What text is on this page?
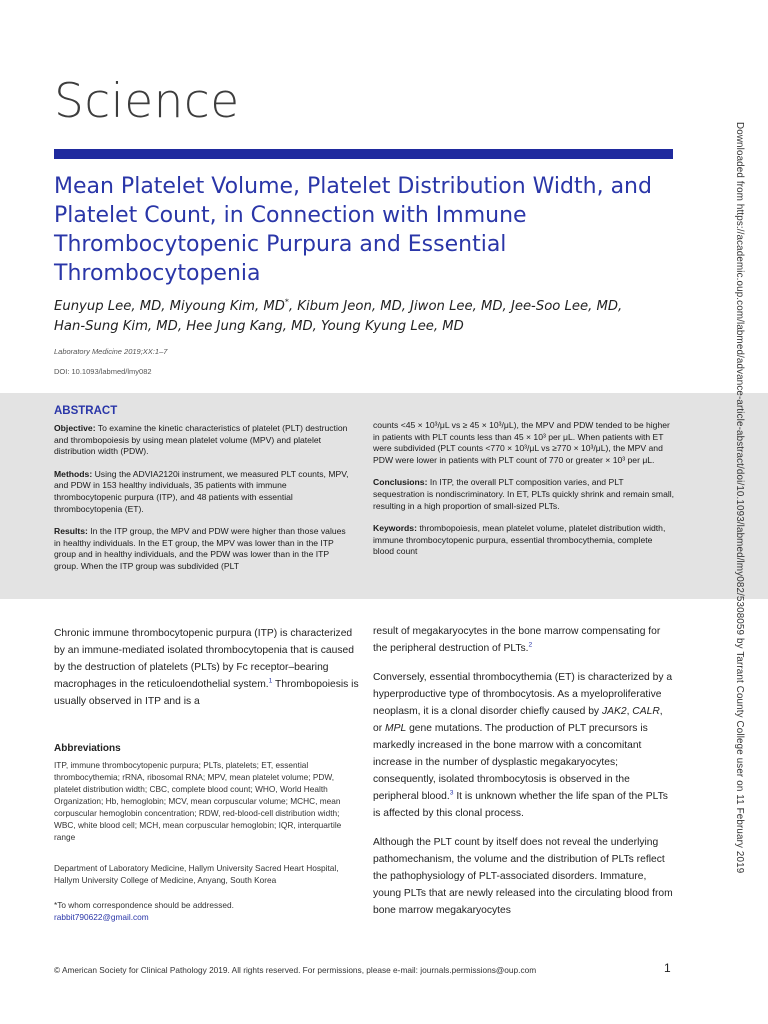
Science
Mean Platelet Volume, Platelet Distribution Width, and Platelet Count, in Connection with Immune Thrombocytopenic Purpura and Essential Thrombocytopenia
Eunyup Lee, MD, Miyoung Kim, MD*, Kibum Jeon, MD, Jiwon Lee, MD, Jee-Soo Lee, MD,
Han-Sung Kim, MD, Hee Jung Kang, MD, Young Kyung Lee, MD
Laboratory Medicine 2019;XX:1–7
DOI: 10.1093/labmed/lmy082
ABSTRACT

Objective: To examine the kinetic characteristics of platelet (PLT) destruction and thrombopoiesis by using mean platelet volume (MPV) and platelet distribution width (PDW).

Methods: Using the ADVIA2120i instrument, we measured PLT counts, MPV, and PDW in 153 healthy individuals, 35 patients with immune thrombocytopenic purpura (ITP), and 48 patients with essential thrombocytopenia (ET).

Results: In the ITP group, the MPV and PDW were higher than those values in healthy individuals. In the ET group, the MPV was lower than in the ITP group and in healthy individuals, and the PDW was lower than in the ITP group. When the ITP group was subdivided (PLT

counts <45 × 10³/μL vs ≥ 45 × 10³/μL), the MPV and PDW tended to be higher in patients with PLT counts less than 45 × 10³ per μL. When patients with ET were subdivided (PLT counts <770 × 10³/μL vs ≥770 × 10³/μL), the MPV and PDW were lower in patients with PLT count of 770 or greater × 10³ per μL.

Conclusions: In ITP, the overall PLT composition varies, and PLT sequestration is nondiscriminatory. In ET, PLTs quickly shrink and remain small, resulting in a high proportion of small-sized PLTs.

Keywords: thrombopoiesis, mean platelet volume, platelet distribution width, immune thrombocytopenic purpura, essential thrombocythemia, complete blood count

Chronic immune thrombocytopenic purpura (ITP) is characterized by an immune-mediated isolated thrombocytopenia that is caused by the destruction of platelets (PLTs) by Fc receptor–bearing macrophages in the reticuloendothelial system.$^1$ Thrombopoiesis is usually observed in ITP and is a

Abbreviations
ITP, immune thrombocytopenic purpura; PLTs, platelets; ET, essential thrombocythemia; rRNA, ribosomal RNA; MPV, mean platelet volume; PDW, platelet distribution width; CBC, complete blood count; WHO, World Health Organization; Hb, hemoglobin; MCV, mean corpuscular volume; MCHC, mean corpuscular hemoglobin concentration; RDW, red-blood-cell distribution width; WBC, white blood cell; MCH, mean corpuscular hemoglobin; IQR, interquartile range
Department of Laboratory Medicine, Hallym University Sacred Heart Hospital, Hallym University College of Medicine, Anyang, South Korea
*To whom correspondence should be addressed.
rabbit790622@gmail.com

result of megakaryocytes in the bone marrow compensating for the peripheral destruction of PLTs.$^2$

Conversely, essential thrombocythemia (ET) is characterized by a hyperproductive type of thrombocytosis. As a myeloproliferative neoplasm, it is a clonal disorder chiefly caused by JAK2, CALR, or MPL gene mutations. The production of PLT precursors is markedly increased in the bone marrow with a concomitant increase in the number of dysplastic megakaryocytes; consequently, isolated thrombocytosis is observed in the peripheral blood.$^3$ It is unknown whether the life span of the PLTs is affected by this clonal process.

Although the PLT count by itself does not reveal the underlying pathomechanism, the volume and the distribution of PLTs reflect the pathophysiology of PLT-associated disorders. Immature, young PLTs that are newly released into the circulating blood from bone marrow megakaryocytes

© American Society for Clinical Pathology 2019. All rights reserved. For permissions, please e-mail: journals.permissions@oup.com	1
Downloaded from https://academic.oup.com/labmed/advance-article-abstract/doi/10.1093/labmed/lmy082/5308059 by Tarrant County College user on 11 February 2019
